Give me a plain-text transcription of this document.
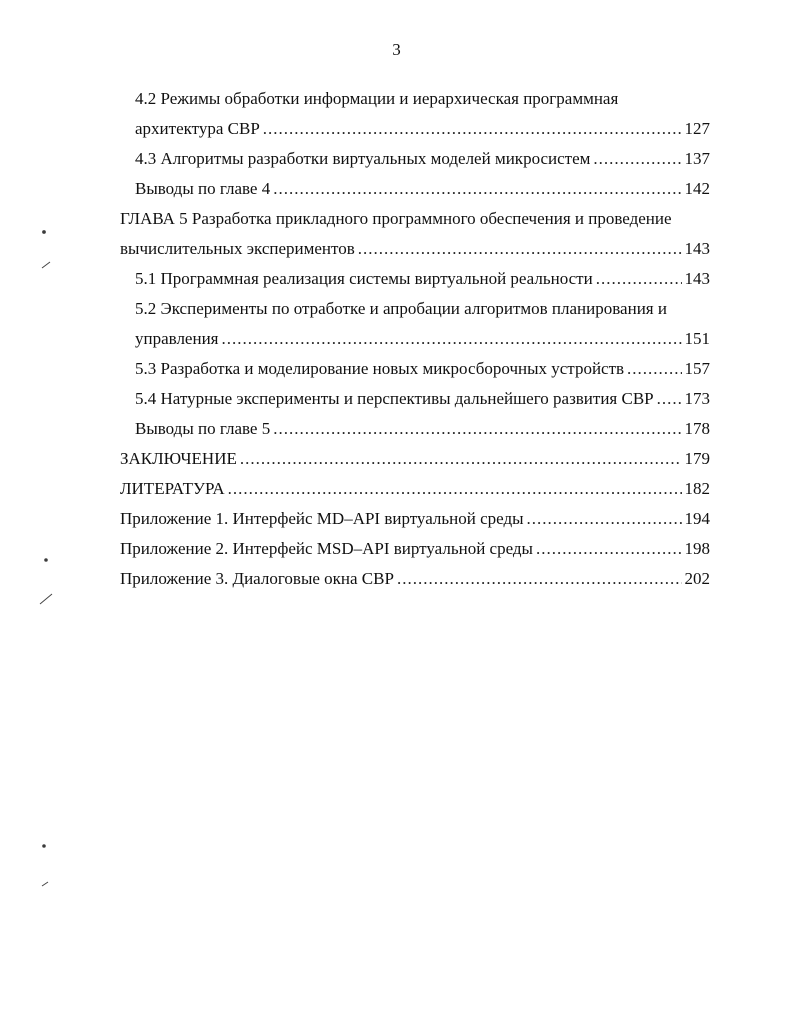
3
4.2 Режимы обработки информации и иерархическая программная
архитектура СВР .....	127
4.3 Алгоритмы разработки виртуальных моделей микросистем .....	137
Выводы по главе 4 .....	142
ГЛАВА 5 Разработка прикладного программного обеспечения и проведение
вычислительных экспериментов .....	143
5.1 Программная реализация системы виртуальной реальности .....	143
5.2 Эксперименты по отработке и апробации алгоритмов планирования и
управления .....	151
5.3 Разработка и моделирование новых микросборочных устройств .....	157
5.4 Натурные эксперименты и перспективы дальнейшего развития СВР ..... 173
Выводы по главе 5 .....	178
ЗАКЛЮЧЕНИЕ .....	179
ЛИТЕРАТУРА .....	182
Приложение 1. Интерфейс MD–API виртуальной среды .....	194
Приложение 2. Интерфейс MSD–API виртуальной среды .....	198
Приложение 3. Диалоговые окна СВР .....	202
